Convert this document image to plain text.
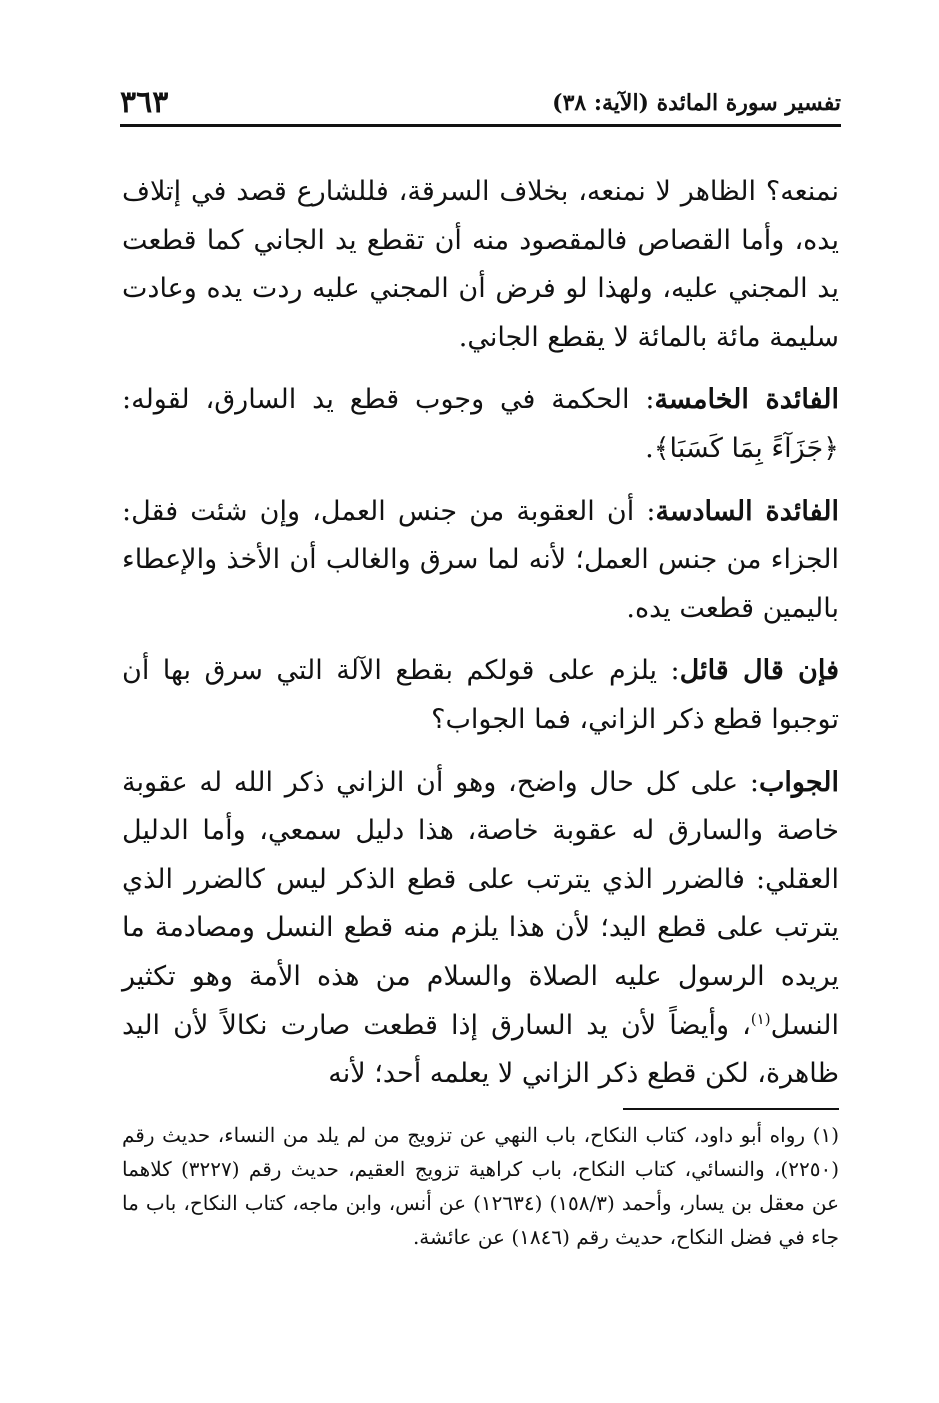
تفسير سورة المائدة (الآية: ٣٨)
٣٦٣

نمنعه؟ الظاهر لا نمنعه، بخلاف السرقة، فللشارع قصد في إتلاف يده، وأما القصاص فالمقصود منه أن تقطع يد الجاني كما قطعت يد المجني عليه، ولهذا لو فرض أن المجني عليه ردت يده وعادت سليمة مائة بالمائة لا يقطع الجاني.

الفائدة الخامسة: الحكمة في وجوب قطع يد السارق، لقوله: ﴿جَزَآءً بِمَا كَسَبَا﴾.

الفائدة السادسة: أن العقوبة من جنس العمل، وإن شئت فقل: الجزاء من جنس العمل؛ لأنه لما سرق والغالب أن الأخذ والإعطاء باليمين قطعت يده.

فإن قال قائل: يلزم على قولكم بقطع الآلة التي سرق بها أن توجبوا قطع ذكر الزاني، فما الجواب؟

الجواب: على كل حال واضح، وهو أن الزاني ذكر الله له عقوبة خاصة والسارق له عقوبة خاصة، هذا دليل سمعي، وأما الدليل العقلي: فالضرر الذي يترتب على قطع الذكر ليس كالضرر الذي يترتب على قطع اليد؛ لأن هذا يلزم منه قطع النسل ومصادمة ما يريده الرسول عليه الصلاة والسلام من هذه الأمة وهو تكثير النسل$^{(١)}$، وأيضاً لأن يد السارق إذا قطعت صارت نكالاً لأن اليد ظاهرة، لكن قطع ذكر الزاني لا يعلمه أحد؛ لأنه

(١) رواه أبو داود، كتاب النكاح، باب النهي عن تزويج من لم يلد من النساء، حديث رقم (٢٢٥٠)، والنسائي، كتاب النكاح، باب كراهية تزويج العقيم، حديث رقم (٣٢٢٧) كلاهما عن معقل بن يسار، وأحمد (١٥٨/٣) (١٢٦٣٤) عن أنس، وابن ماجه، كتاب النكاح، باب ما جاء في فضل النكاح، حديث رقم (١٨٤٦) عن عائشة.
